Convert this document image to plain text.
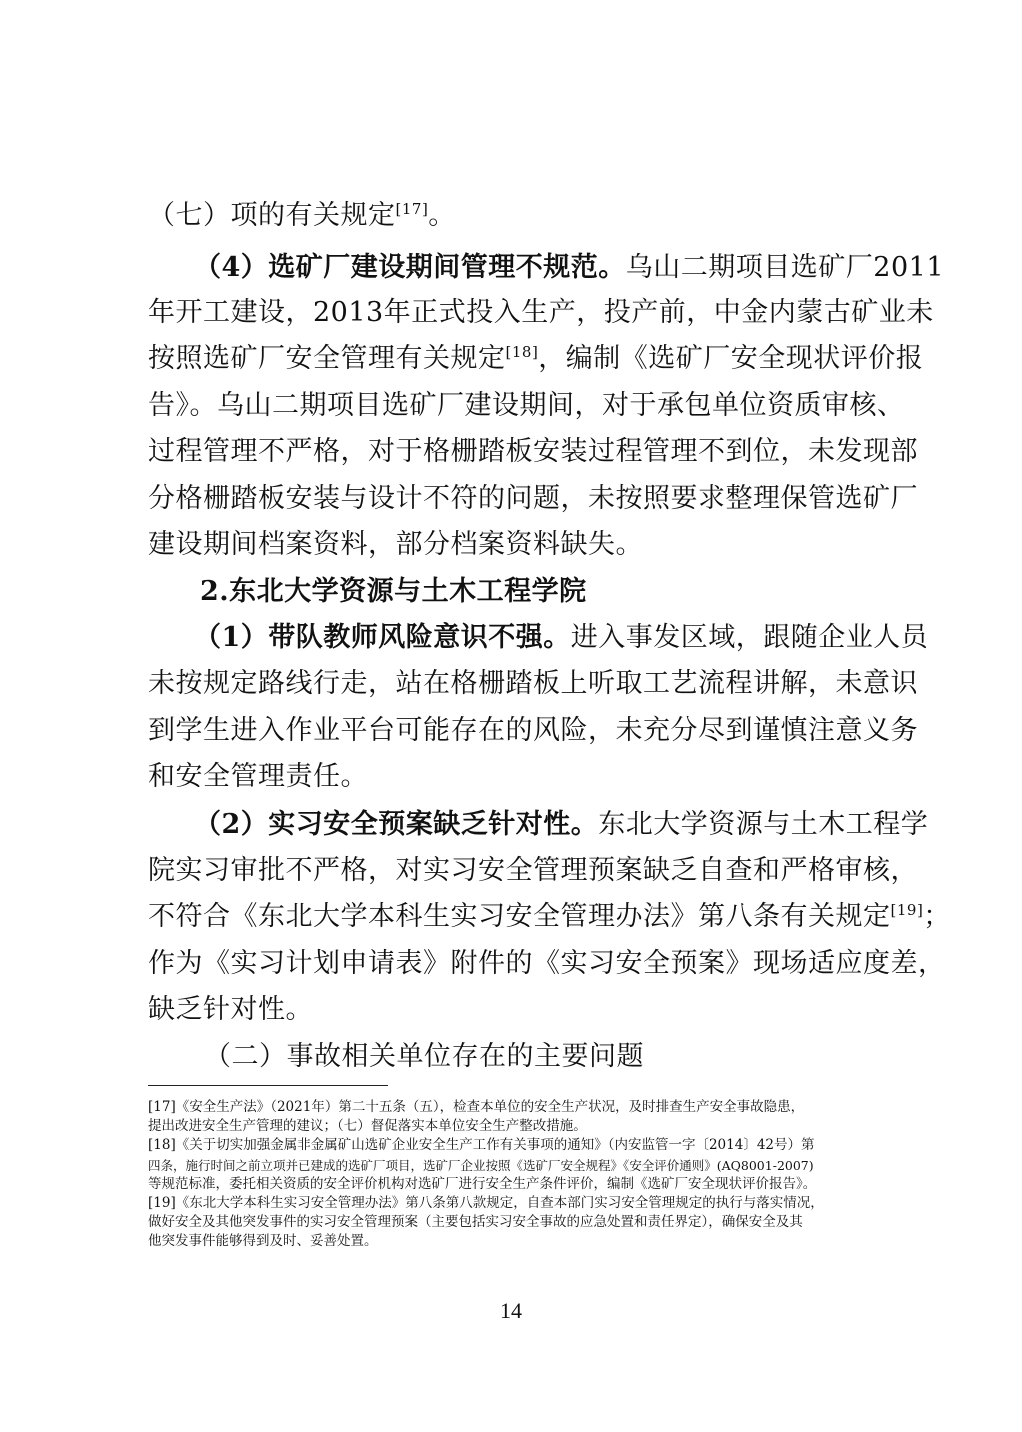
（七）项的有关规定[17]。
（4）选矿厂建设期间管理不规范。乌山二期项目选矿厂2011
年开工建设，2013年正式投入生产，投产前，中金内蒙古矿业未
按照选矿厂安全管理有关规定[18]，编制《选矿厂安全现状评价报
告》。乌山二期项目选矿厂建设期间，对于承包单位资质审核、
过程管理不严格，对于格栅踏板安装过程管理不到位，未发现部
分格栅踏板安装与设计不符的问题，未按照要求整理保管选矿厂
建设期间档案资料，部分档案资料缺失。
2.东北大学资源与土木工程学院
（1）带队教师风险意识不强。进入事发区域，跟随企业人员
未按规定路线行走，站在格栅踏板上听取工艺流程讲解，未意识
到学生进入作业平台可能存在的风险，未充分尽到谨慎注意义务
和安全管理责任。
（2）实习安全预案缺乏针对性。东北大学资源与土木工程学
院实习审批不严格，对实习安全管理预案缺乏自查和严格审核，
不符合《东北大学本科生实习安全管理办法》第八条有关规定[19]；
作为《实习计划申请表》附件的《实习安全预案》现场适应度差，
缺乏针对性。
（二）事故相关单位存在的主要问题
[17]《安全生产法》（2021年）第二十五条（五），检查本单位的安全生产状况，及时排查生产安全事故隐患，
提出改进安全生产管理的建议；（七）督促落实本单位安全生产整改措施。
[18]《关于切实加强金属非金属矿山选矿企业安全生产工作有关事项的通知》（内安监管一字〔2014〕42号）第
四条，施行时间之前立项并已建成的选矿厂项目，选矿厂企业按照《选矿厂安全规程》《安全评价通则》(AQ8001-2007)
等规范标准，委托相关资质的安全评价机构对选矿厂进行安全生产条件评价，编制《选矿厂安全现状评价报告》。
[19]《东北大学本科生实习安全管理办法》第八条第八款规定，自查本部门实习安全管理规定的执行与落实情况，
做好安全及其他突发事件的实习安全管理预案（主要包括实习安全事故的应急处置和责任界定），确保安全及其
他突发事件能够得到及时、妥善处置。
14
